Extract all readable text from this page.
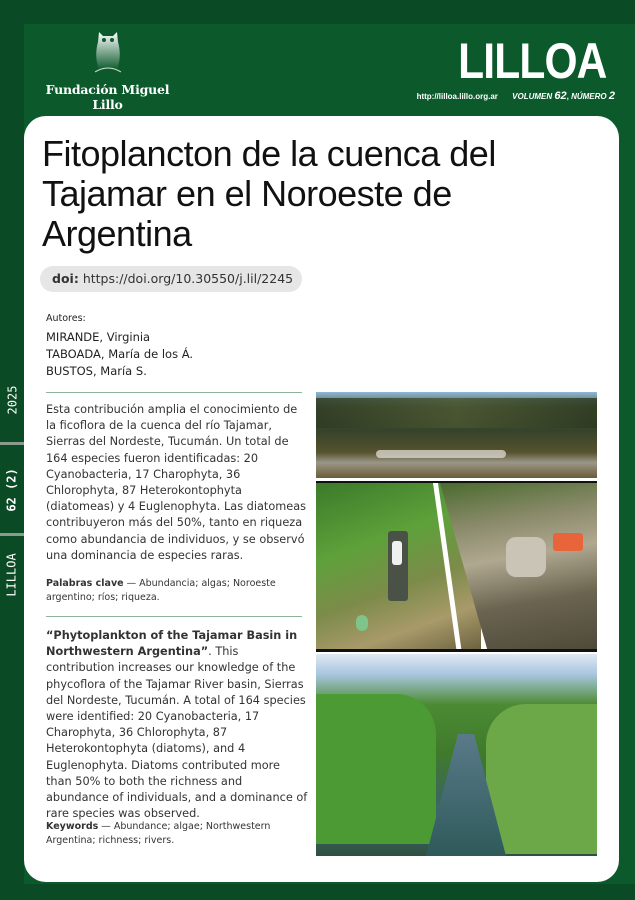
Fundación Miguel Lillo
LILLOA
http://lilloa.lillo.org.ar VOLUMEN 62, NÚMERO 2
2025
62 (2)
LILLOA
Fitoplancton de la cuenca del Tajamar en el Noroeste de Argentina
doi: https://doi.org/10.30550/j.lil/2245
Autores:
MIRANDE, Virginia
TABOADA, María de los Á.
BUSTOS, María S.
Esta contribución amplia el conocimiento de la ficoflora de la cuenca del río Tajamar, Sierras del Nordeste, Tucumán. Un total de 164 especies fueron identificadas: 20 Cyanobacteria, 17 Charophyta, 36 Chlorophyta, 87 Heterokontophyta (diatomeas) y 4 Euglenophyta. Las diatomeas contribuyeron más del 50%, tanto en riqueza como abundancia de individuos, y se observó una dominancia de especies raras.
Palabras clave — Abundancia; algas; Noroeste argentino; ríos; riqueza.
“Phytoplankton of the Tajamar Basin in Northwestern Argentina”. This contribution increases our knowledge of the phycoflora of the Tajamar River basin, Sierras del Nordeste, Tucumán. A total of 164 species were identified: 20 Cyanobacteria, 17 Charophyta, 36 Chlorophyta, 87 Heterokontophyta (diatoms), and 4 Euglenophyta. Diatoms contributed more than 50% to both the richness and abundance of individuals, and a dominance of rare species was observed.
Keywords — Abundance; algae; Northwestern Argentina; richness; rivers.
